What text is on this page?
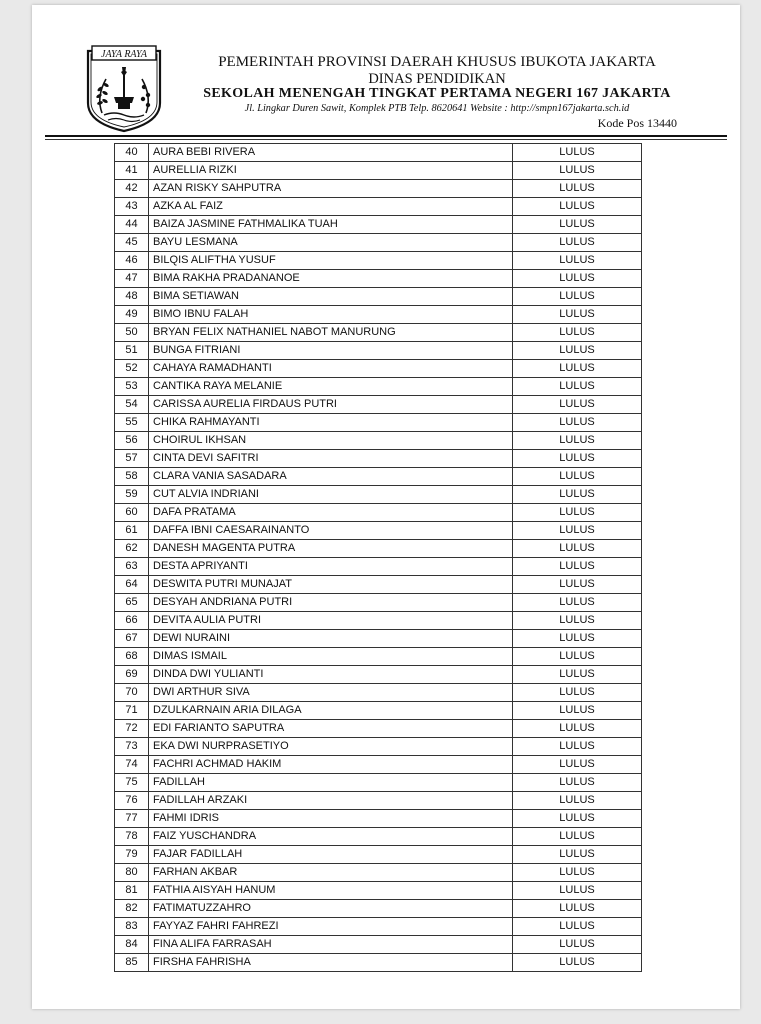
JAYA RAYA	PEMERINTAH PROVINSI DAERAH KHUSUS IBUKOTA JAKARTA
DINAS PENDIDIKAN
SEKOLAH MENENGAH TINGKAT PERTAMA NEGERI 167 JAKARTA
Jl. Lingkar Duren Sawit, Komplek PTB Telp. 8620641 Website : http://smpn167jakarta.sch.id
Kode Pos 13440
40	AURA BEBI RIVERA	LULUS
41	AURELLIA RIZKI	LULUS
42	AZAN RISKY SAHPUTRA	LULUS
43	AZKA AL FAIZ	LULUS
44	BAIZA JASMINE FATHMALIKA TUAH	LULUS
45	BAYU LESMANA	LULUS
46	BILQIS ALIFTHA YUSUF	LULUS
47	BIMA RAKHA PRADANANOE	LULUS
48	BIMA SETIAWAN	LULUS
49	BIMO IBNU FALAH	LULUS
50	BRYAN FELIX NATHANIEL NABOT MANURUNG	LULUS
51	BUNGA FITRIANI	LULUS
52	CAHAYA RAMADHANTI	LULUS
53	CANTIKA RAYA MELANIE	LULUS
54	CARISSA AURELIA FIRDAUS PUTRI	LULUS
55	CHIKA RAHMAYANTI	LULUS
56	CHOIRUL IKHSAN	LULUS
57	CINTA DEVI SAFITRI	LULUS
58	CLARA VANIA SASADARA	LULUS
59	CUT ALVIA INDRIANI	LULUS
60	DAFA PRATAMA	LULUS
61	DAFFA IBNI CAESARAINANTO	LULUS
62	DANESH MAGENTA PUTRA	LULUS
63	DESTA APRIYANTI	LULUS
64	DESWITA PUTRI MUNAJAT	LULUS
65	DESYAH ANDRIANA PUTRI	LULUS
66	DEVITA AULIA PUTRI	LULUS
67	DEWI NURAINI	LULUS
68	DIMAS ISMAIL	LULUS
69	DINDA DWI YULIANTI	LULUS
70	DWI ARTHUR SIVA	LULUS
71	DZULKARNAIN ARIA DILAGA	LULUS
72	EDI FARIANTO SAPUTRA	LULUS
73	EKA DWI NURPRASETIYO	LULUS
74	FACHRI ACHMAD HAKIM	LULUS
75	FADILLAH	LULUS
76	FADILLAH ARZAKI	LULUS
77	FAHMI IDRIS	LULUS
78	FAIZ YUSCHANDRA	LULUS
79	FAJAR FADILLAH	LULUS
80	FARHAN AKBAR	LULUS
81	FATHIA AISYAH HANUM	LULUS
82	FATIMATUZZAHRO	LULUS
83	FAYYAZ FAHRI FAHREZI	LULUS
84	FINA ALIFA FARRASAH	LULUS
85	FIRSHA FAHRISHA	LULUS
